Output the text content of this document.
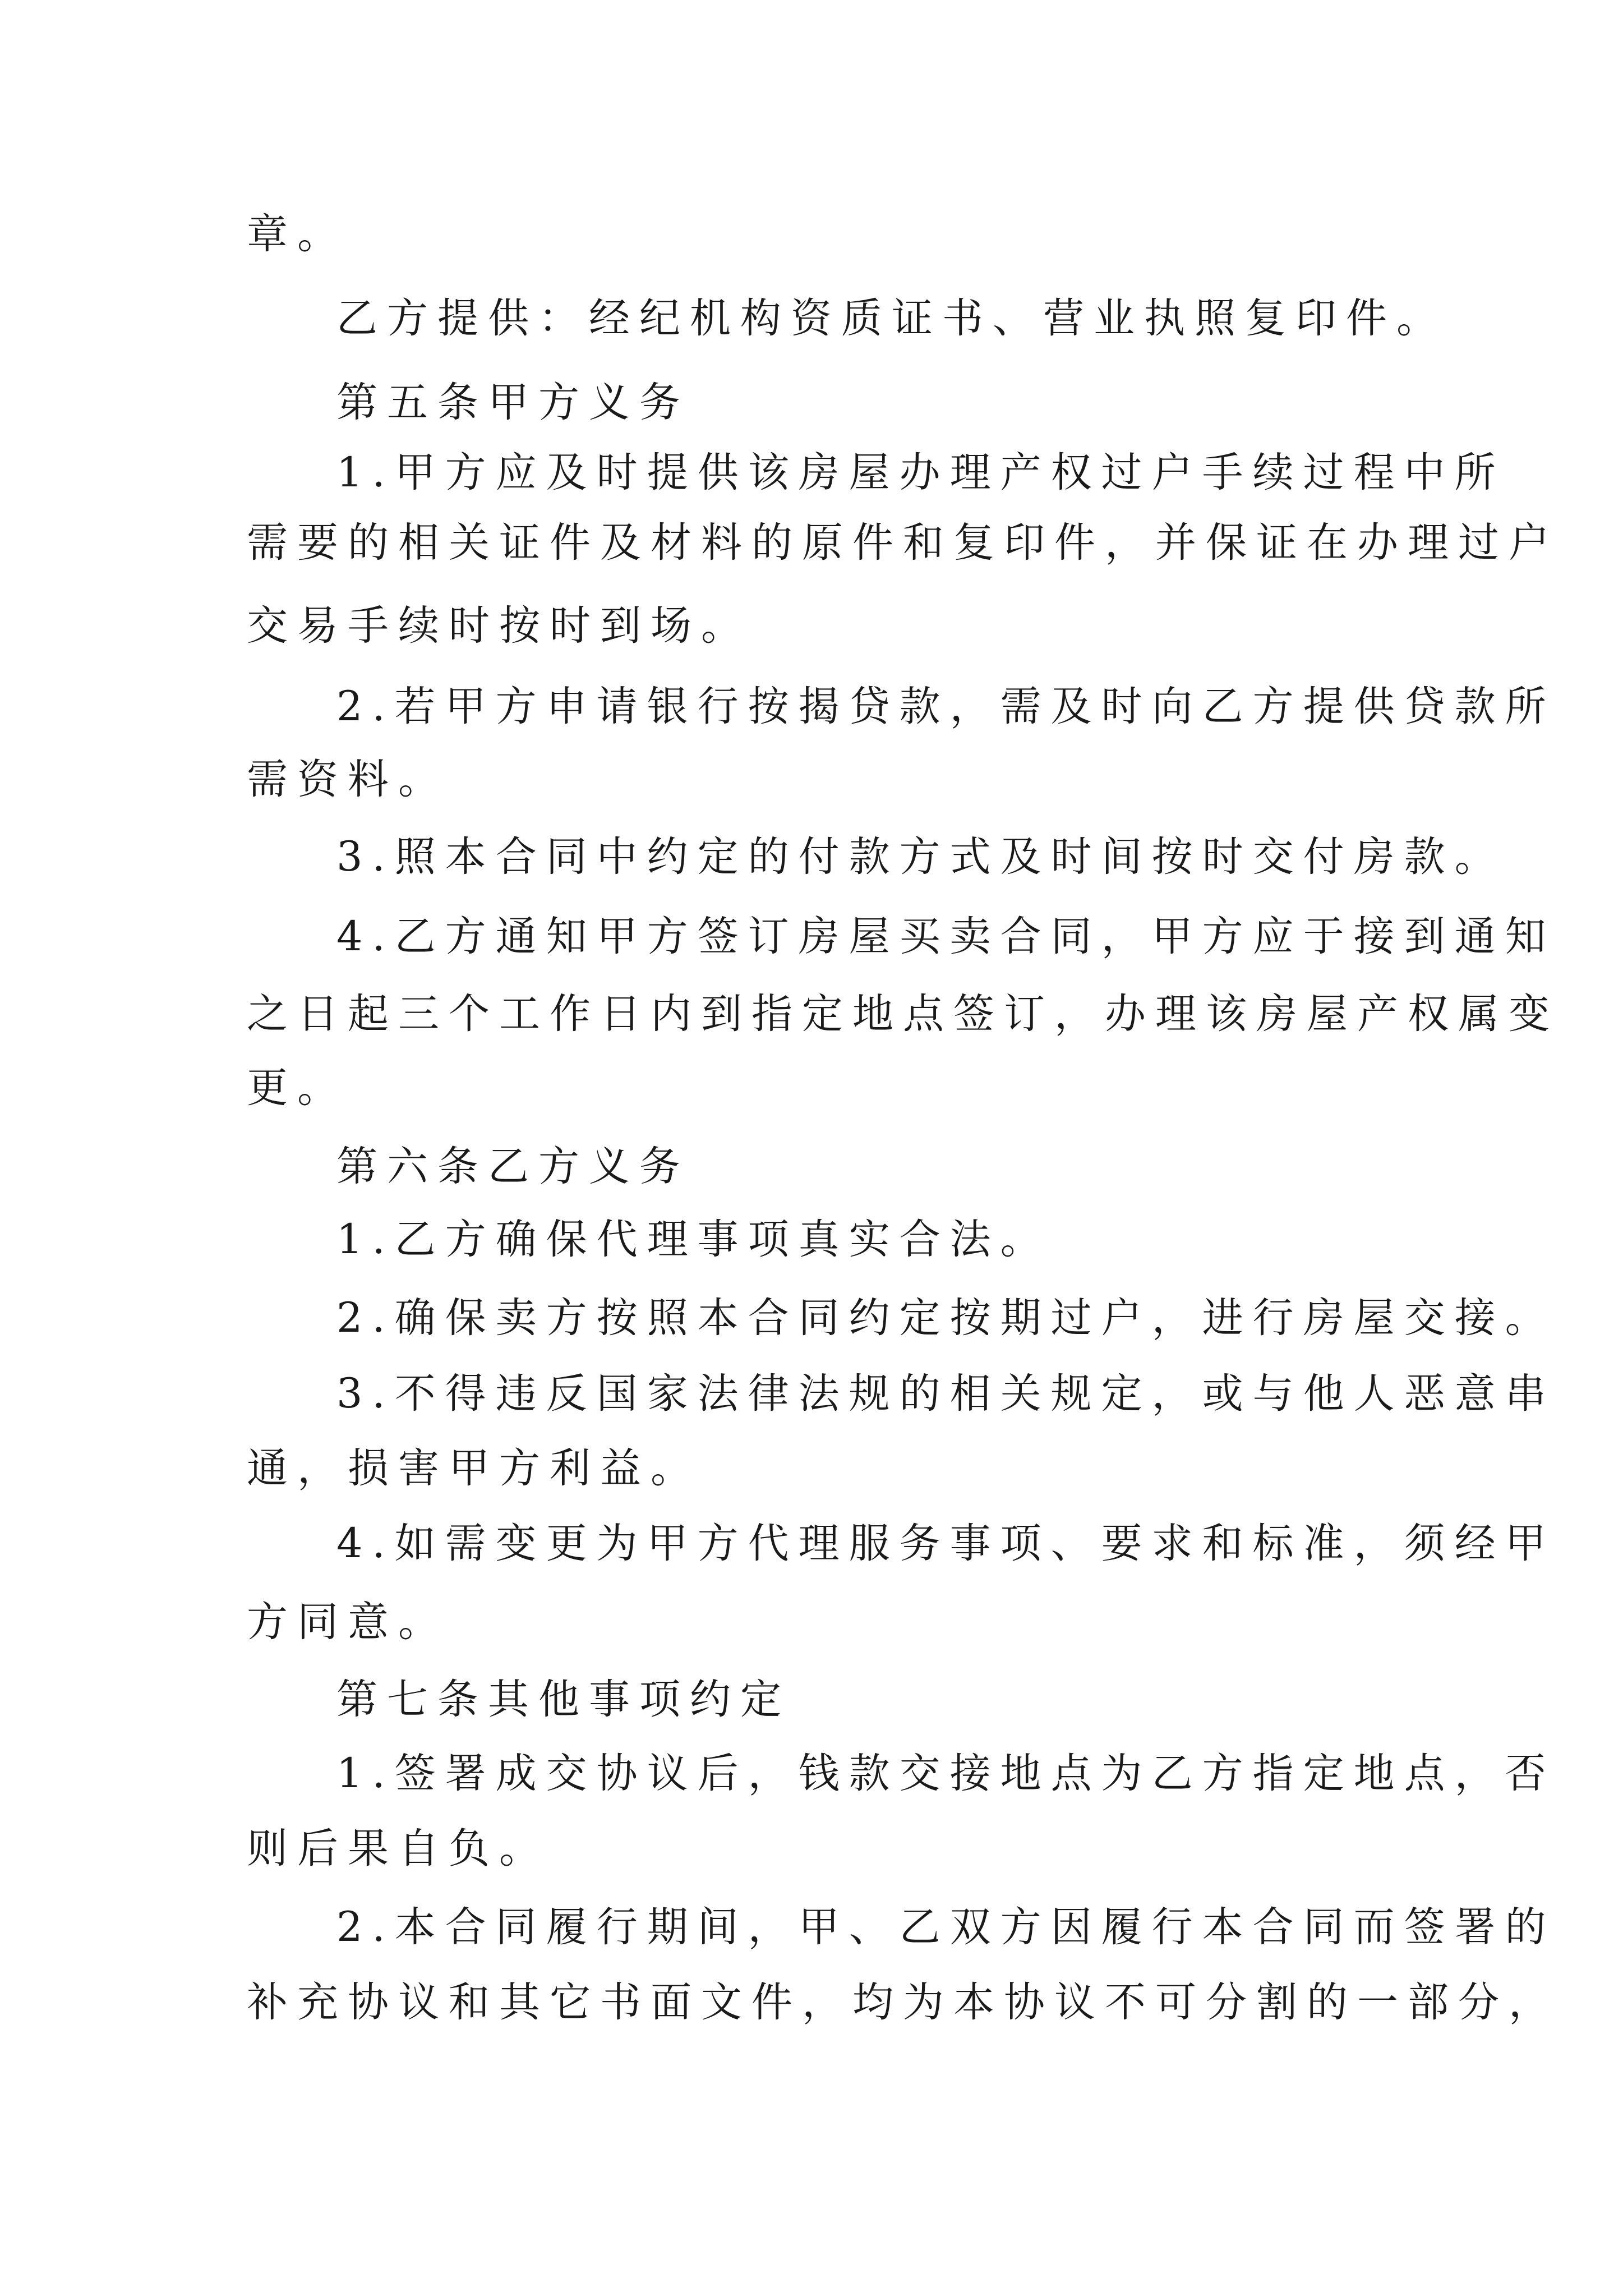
章。

乙方提供：经纪机构资质证书、营业执照复印件。

第五条甲方义务

1.甲方应及时提供该房屋办理产权过户手续过程中所

需要的相关证件及材料的原件和复印件，并保证在办理过户

交易手续时按时到场。

2.若甲方申请银行按揭贷款，需及时向乙方提供贷款所

需资料。

3.照本合同中约定的付款方式及时间按时交付房款。

4.乙方通知甲方签订房屋买卖合同，甲方应于接到通知

之日起三个工作日内到指定地点签订，办理该房屋产权属变

更。

第六条乙方义务

1.乙方确保代理事项真实合法。

2.确保卖方按照本合同约定按期过户，进行房屋交接。

3.不得违反国家法律法规的相关规定，或与他人恶意串

通，损害甲方利益。

4.如需变更为甲方代理服务事项、要求和标准，须经甲

方同意。

第七条其他事项约定

1.签署成交协议后，钱款交接地点为乙方指定地点，否

则后果自负。

2.本合同履行期间，甲、乙双方因履行本合同而签署的

补充协议和其它书面文件，均为本协议不可分割的一部分，
